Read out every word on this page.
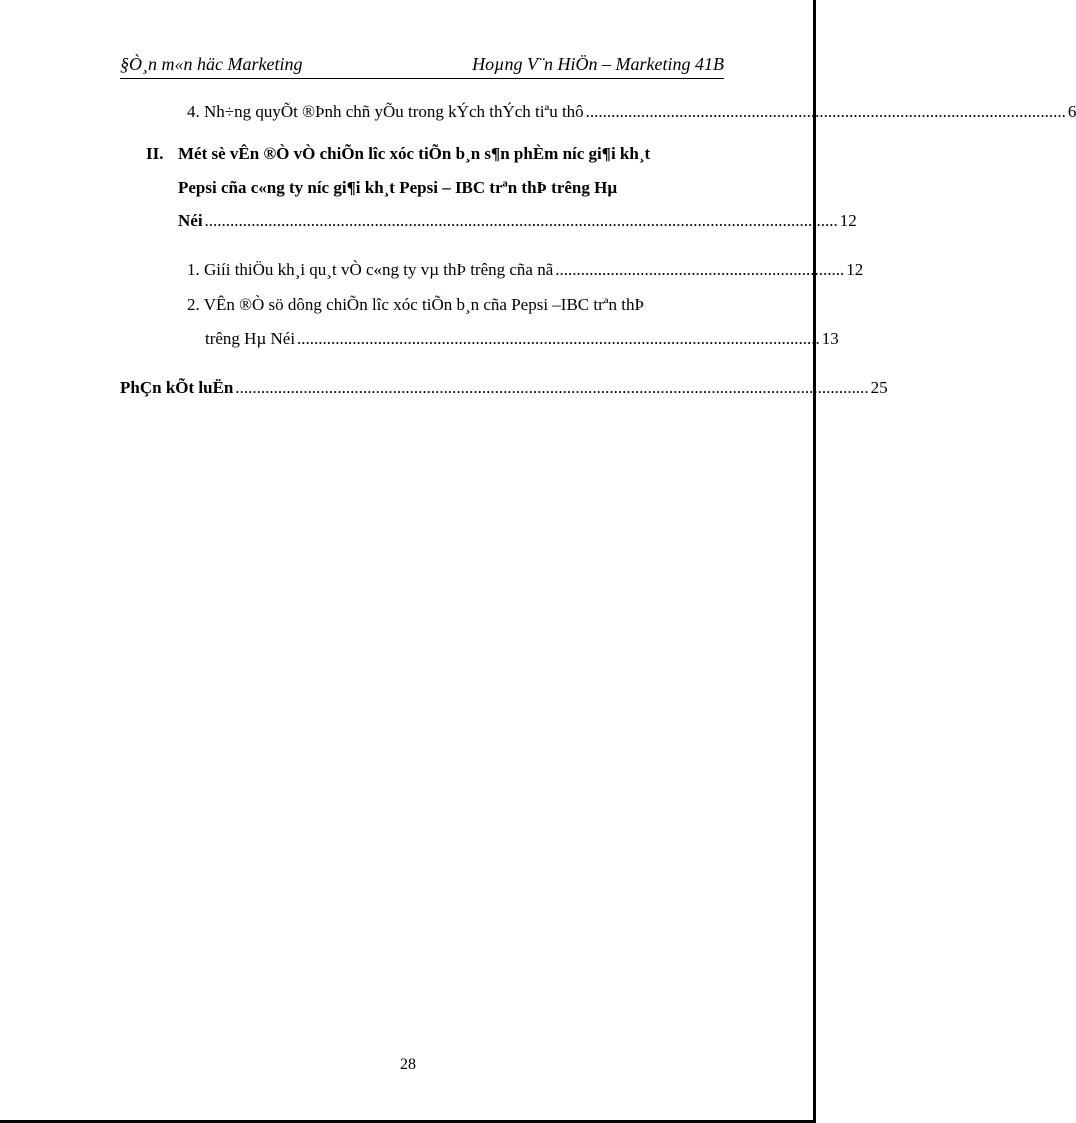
§Ò¸n m«n häc Marketing	Hoµng V¨n HiÖn – Marketing 41B
4. Nh÷ng quyÕt ®Þnh chñ yÕu trong kÝch thÝch tiªu thô ................................................................................................................. 6
II. Mét sè vÊn ®Ò vÒ chiÕn lîc xóc tiÕn b¸n s¶n phÈm níc gi¶i kh¸t
Pepsi cña c«ng ty níc gi¶i kh¸t Pepsi – IBC trªn thÞ trêng Hµ
Néi ..................................................................................................................................................... 12
1. Giíi thiÖu kh¸i qu¸t vÒ c«ng ty vµ thÞ trêng cña nã .................................................................... 12
2. VÊn ®Ò sö dông chiÕn lîc xóc tiÕn b¸n cña Pepsi –IBC trªn thÞ
trêng Hµ Néi ........................................................................................................................... 13
PhÇn kÕt luËn ..................................................................................................................................................... 25
28
